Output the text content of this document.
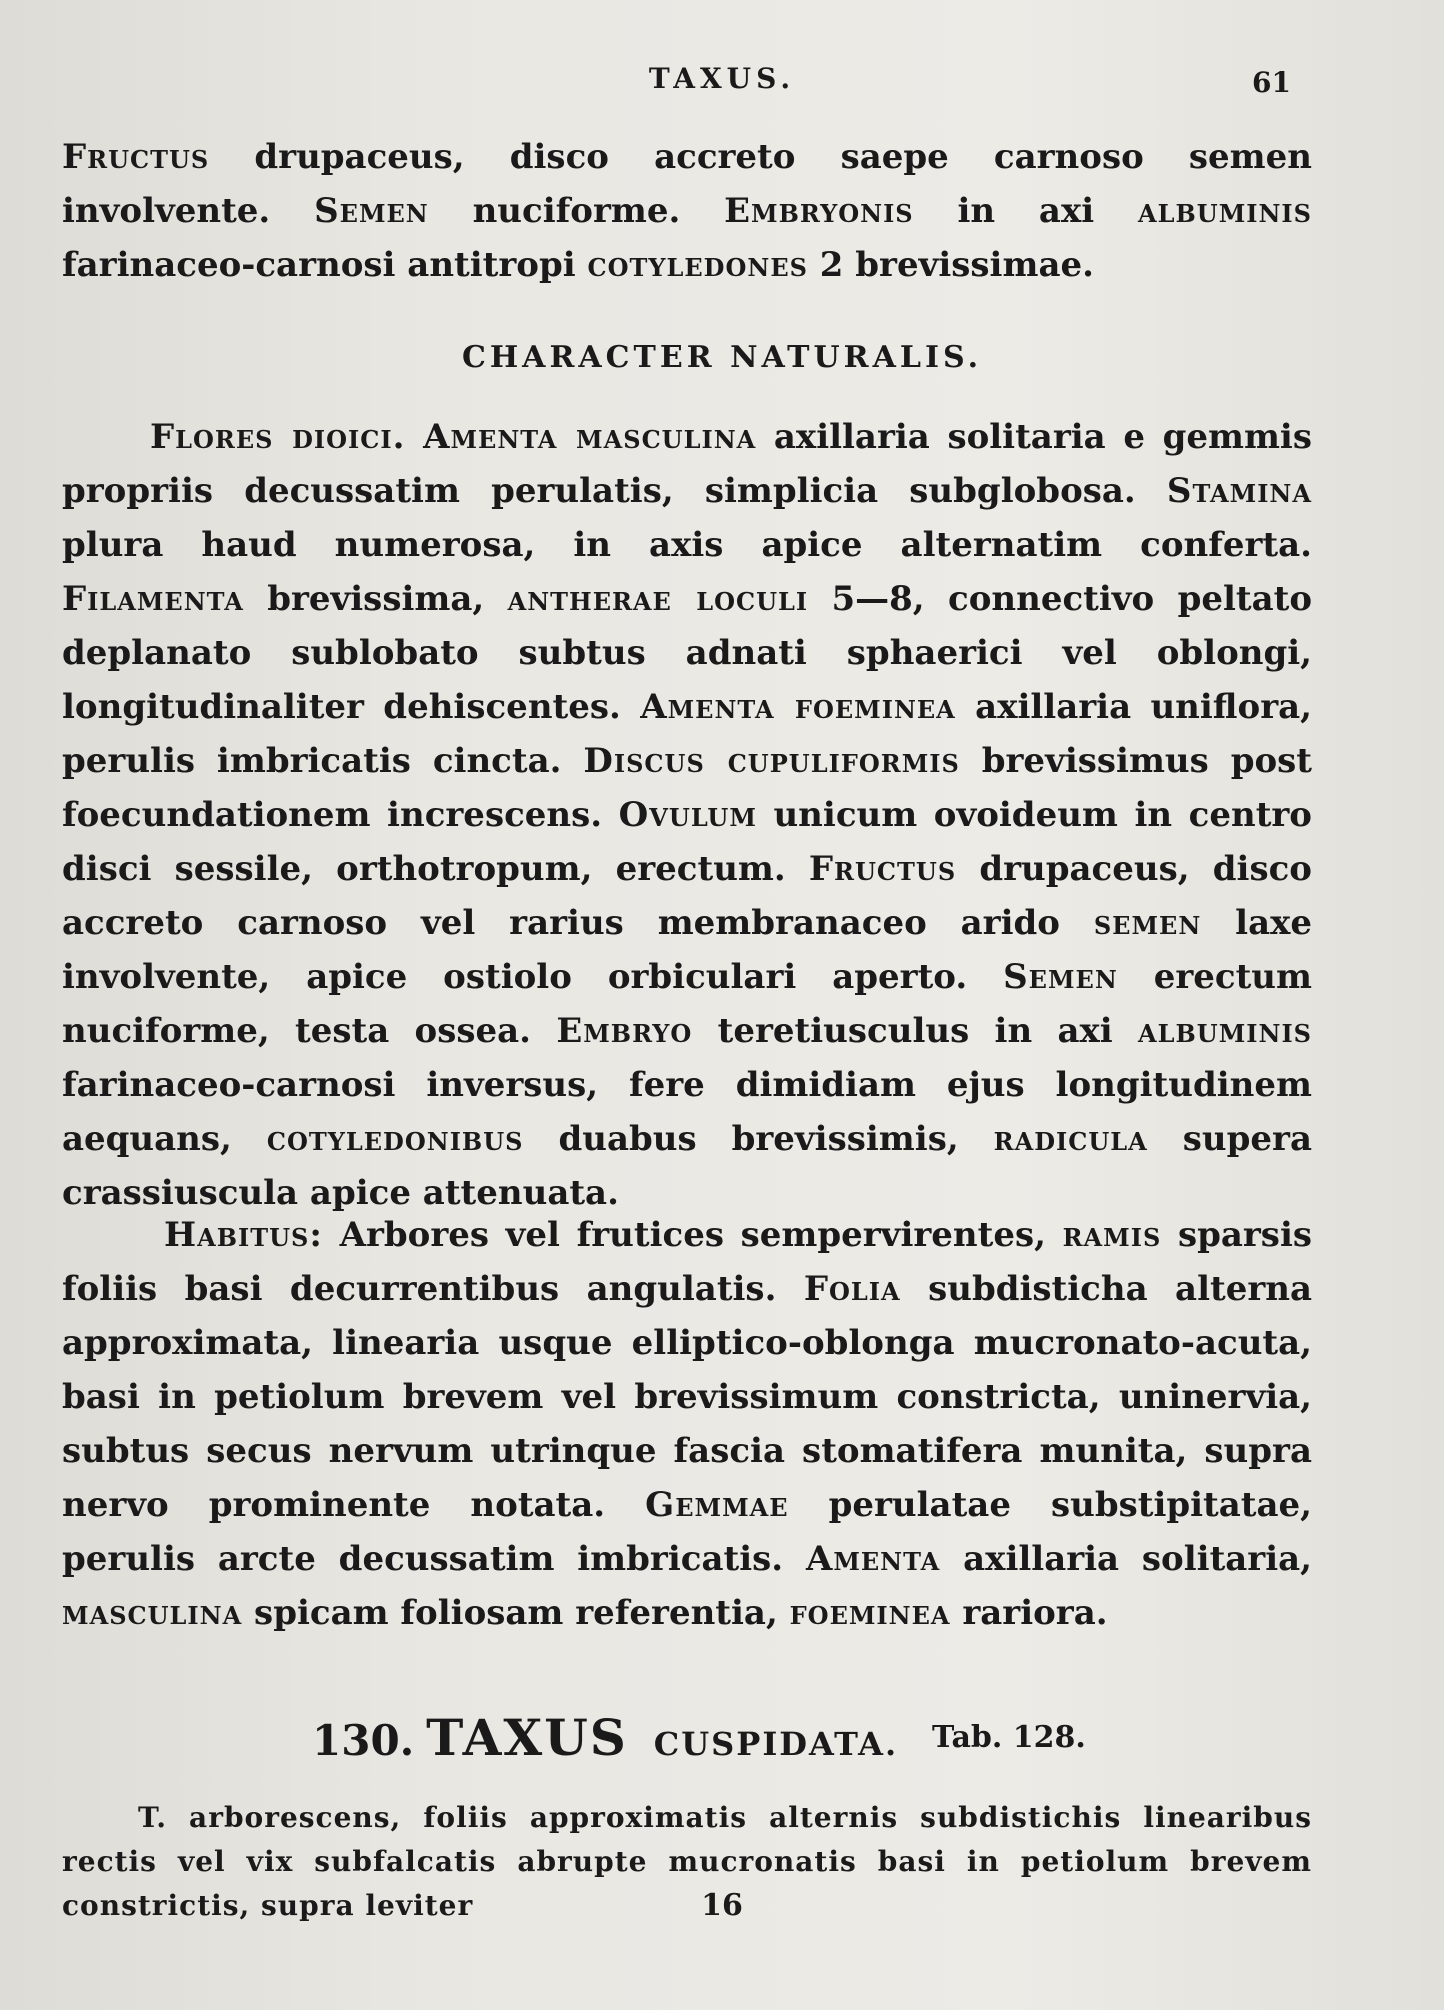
TAXUS.	61
Fructus drupaceus, disco accreto saepe carnoso semen involvente. Semen nuciforme. Embryonis in axi albuminis farinaceo-carnosi antitropi cotyledones 2 brevissimae.
CHARACTER NATURALIS.
Flores dioici. Amenta masculina axillaria solitaria e gemmis propriis decussatim perulatis, simplicia subglobosa. Stamina plura haud numerosa, in axis apice alternatim conferta. Filamenta brevissima, antherae loculi 5—8, connectivo peltato deplanato sublobato subtus adnati sphaerici vel oblongi, longitudinaliter dehiscentes. Amenta foeminea axillaria uniflora, perulis imbricatis cincta. Discus cupuliformis brevissimus post foecundationem increscens. Ovulum unicum ovoideum in centro disci sessile, orthotropum, erectum. Fructus drupaceus, disco accreto carnoso vel rarius membranaceo arido semen laxe involvente, apice ostiolo orbiculari aperto. Semen erectum nuciforme, testa ossea. Embryo teretiusculus in axi albuminis farinaceo-carnosi inversus, fere dimidiam ejus longitudinem aequans, cotyledonibus duabus brevissimis, radicula supera crassiuscula apice attenuata.
Habitus: Arbores vel frutices sempervirentes, ramis sparsis foliis basi decurrentibus angulatis. Folia subdisticha alterna approximata, linearia usque elliptico-oblonga mucronato-acuta, basi in petiolum brevem vel brevissimum constricta, uninervia, subtus secus nervum utrinque fascia stomatifera munita, supra nervo prominente notata. Gemmae perulatae substipitatae, perulis arcte decussatim imbricatis. Amenta axillaria solitaria, masculina spicam foliosam referentia, foeminea rariora.
130. TAXUS CUSPIDATA. Tab. 128.
T. arborescens, foliis approximatis alternis subdistichis linearibus rectis vel vix subfalcatis abrupte mucronatis basi in petiolum brevem constrictis, supra leviter	16
